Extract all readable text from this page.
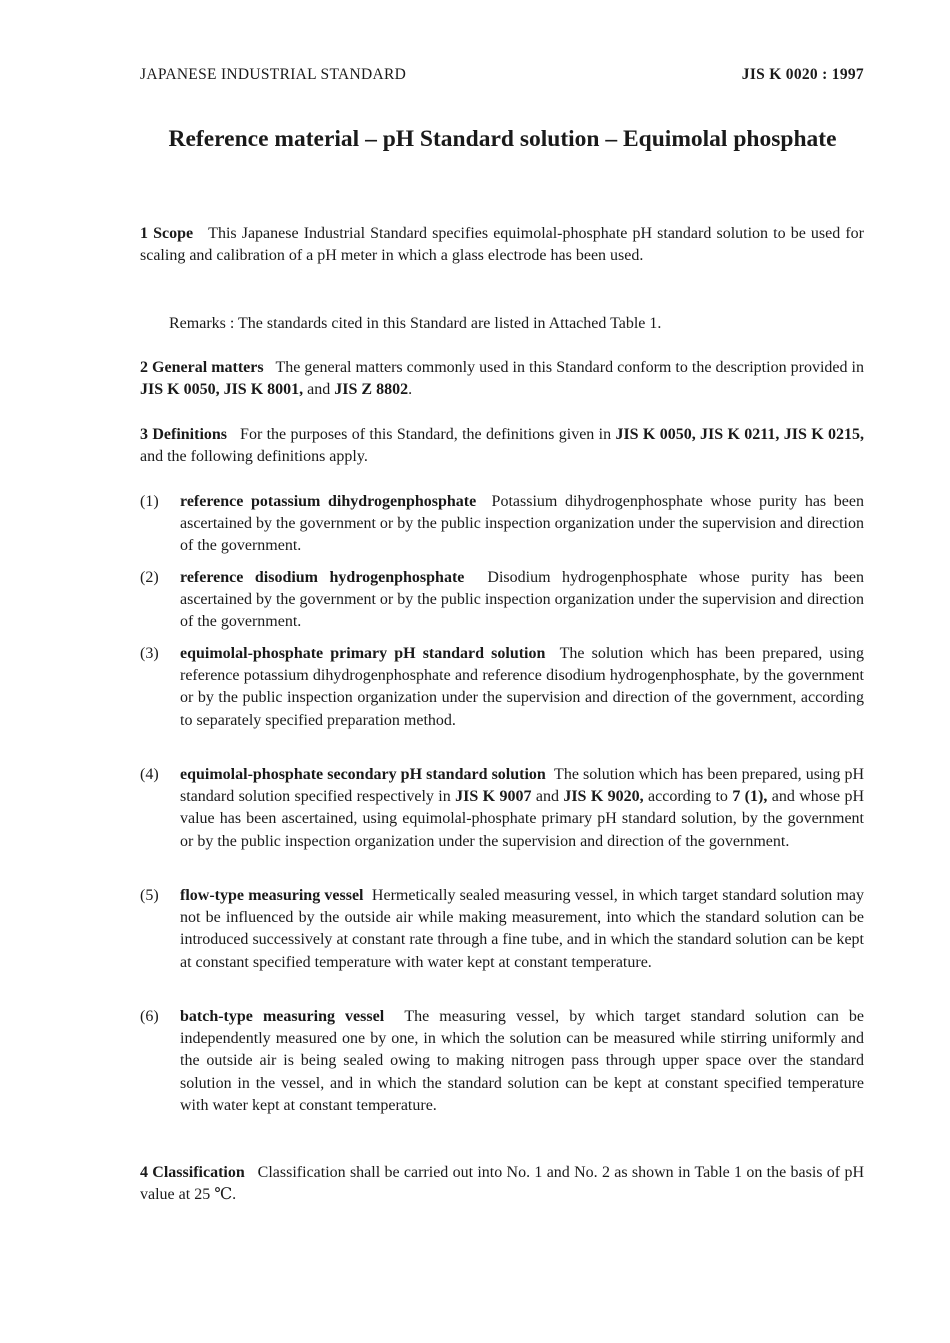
JAPANESE INDUSTRIAL STANDARD	JIS K 0020 : 1997
Reference material – pH Standard solution – Equimolal phosphate
1 Scope This Japanese Industrial Standard specifies equimolal-phosphate pH standard solution to be used for scaling and calibration of a pH meter in which a glass electrode has been used.
Remarks : The standards cited in this Standard are listed in Attached Table 1.
2 General matters The general matters commonly used in this Standard conform to the description provided in JIS K 0050, JIS K 8001, and JIS Z 8802.
3 Definitions For the purposes of this Standard, the definitions given in JIS K 0050, JIS K 0211, JIS K 0215, and the following definitions apply.
(1) reference potassium dihydrogenphosphate Potassium dihydrogenphosphate whose purity has been ascertained by the government or by the public inspection organization under the supervision and direction of the government.
(2) reference disodium hydrogenphosphate Disodium hydrogenphosphate whose purity has been ascertained by the government or by the public inspection organization under the supervision and direction of the government.
(3) equimolal-phosphate primary pH standard solution The solution which has been prepared, using reference potassium dihydrogenphosphate and reference disodium hydrogenphosphate, by the government or by the public inspection organization under the supervision and direction of the government, according to separately specified preparation method.
(4) equimolal-phosphate secondary pH standard solution The solution which has been prepared, using pH standard solution specified respectively in JIS K 9007 and JIS K 9020, according to 7 (1), and whose pH value has been ascertained, using equimolal-phosphate primary pH standard solution, by the government or by the public inspection organization under the supervision and direction of the government.
(5) flow-type measuring vessel Hermetically sealed measuring vessel, in which target standard solution may not be influenced by the outside air while making measurement, into which the standard solution can be introduced successively at constant rate through a fine tube, and in which the standard solution can be kept at constant specified temperature with water kept at constant temperature.
(6) batch-type measuring vessel The measuring vessel, by which target standard solution can be independently measured one by one, in which the solution can be measured while stirring uniformly and the outside air is being sealed owing to making nitrogen pass through upper space over the standard solution in the vessel, and in which the standard solution can be kept at constant specified temperature with water kept at constant temperature.
4 Classification Classification shall be carried out into No. 1 and No. 2 as shown in Table 1 on the basis of pH value at 25 ℃.
